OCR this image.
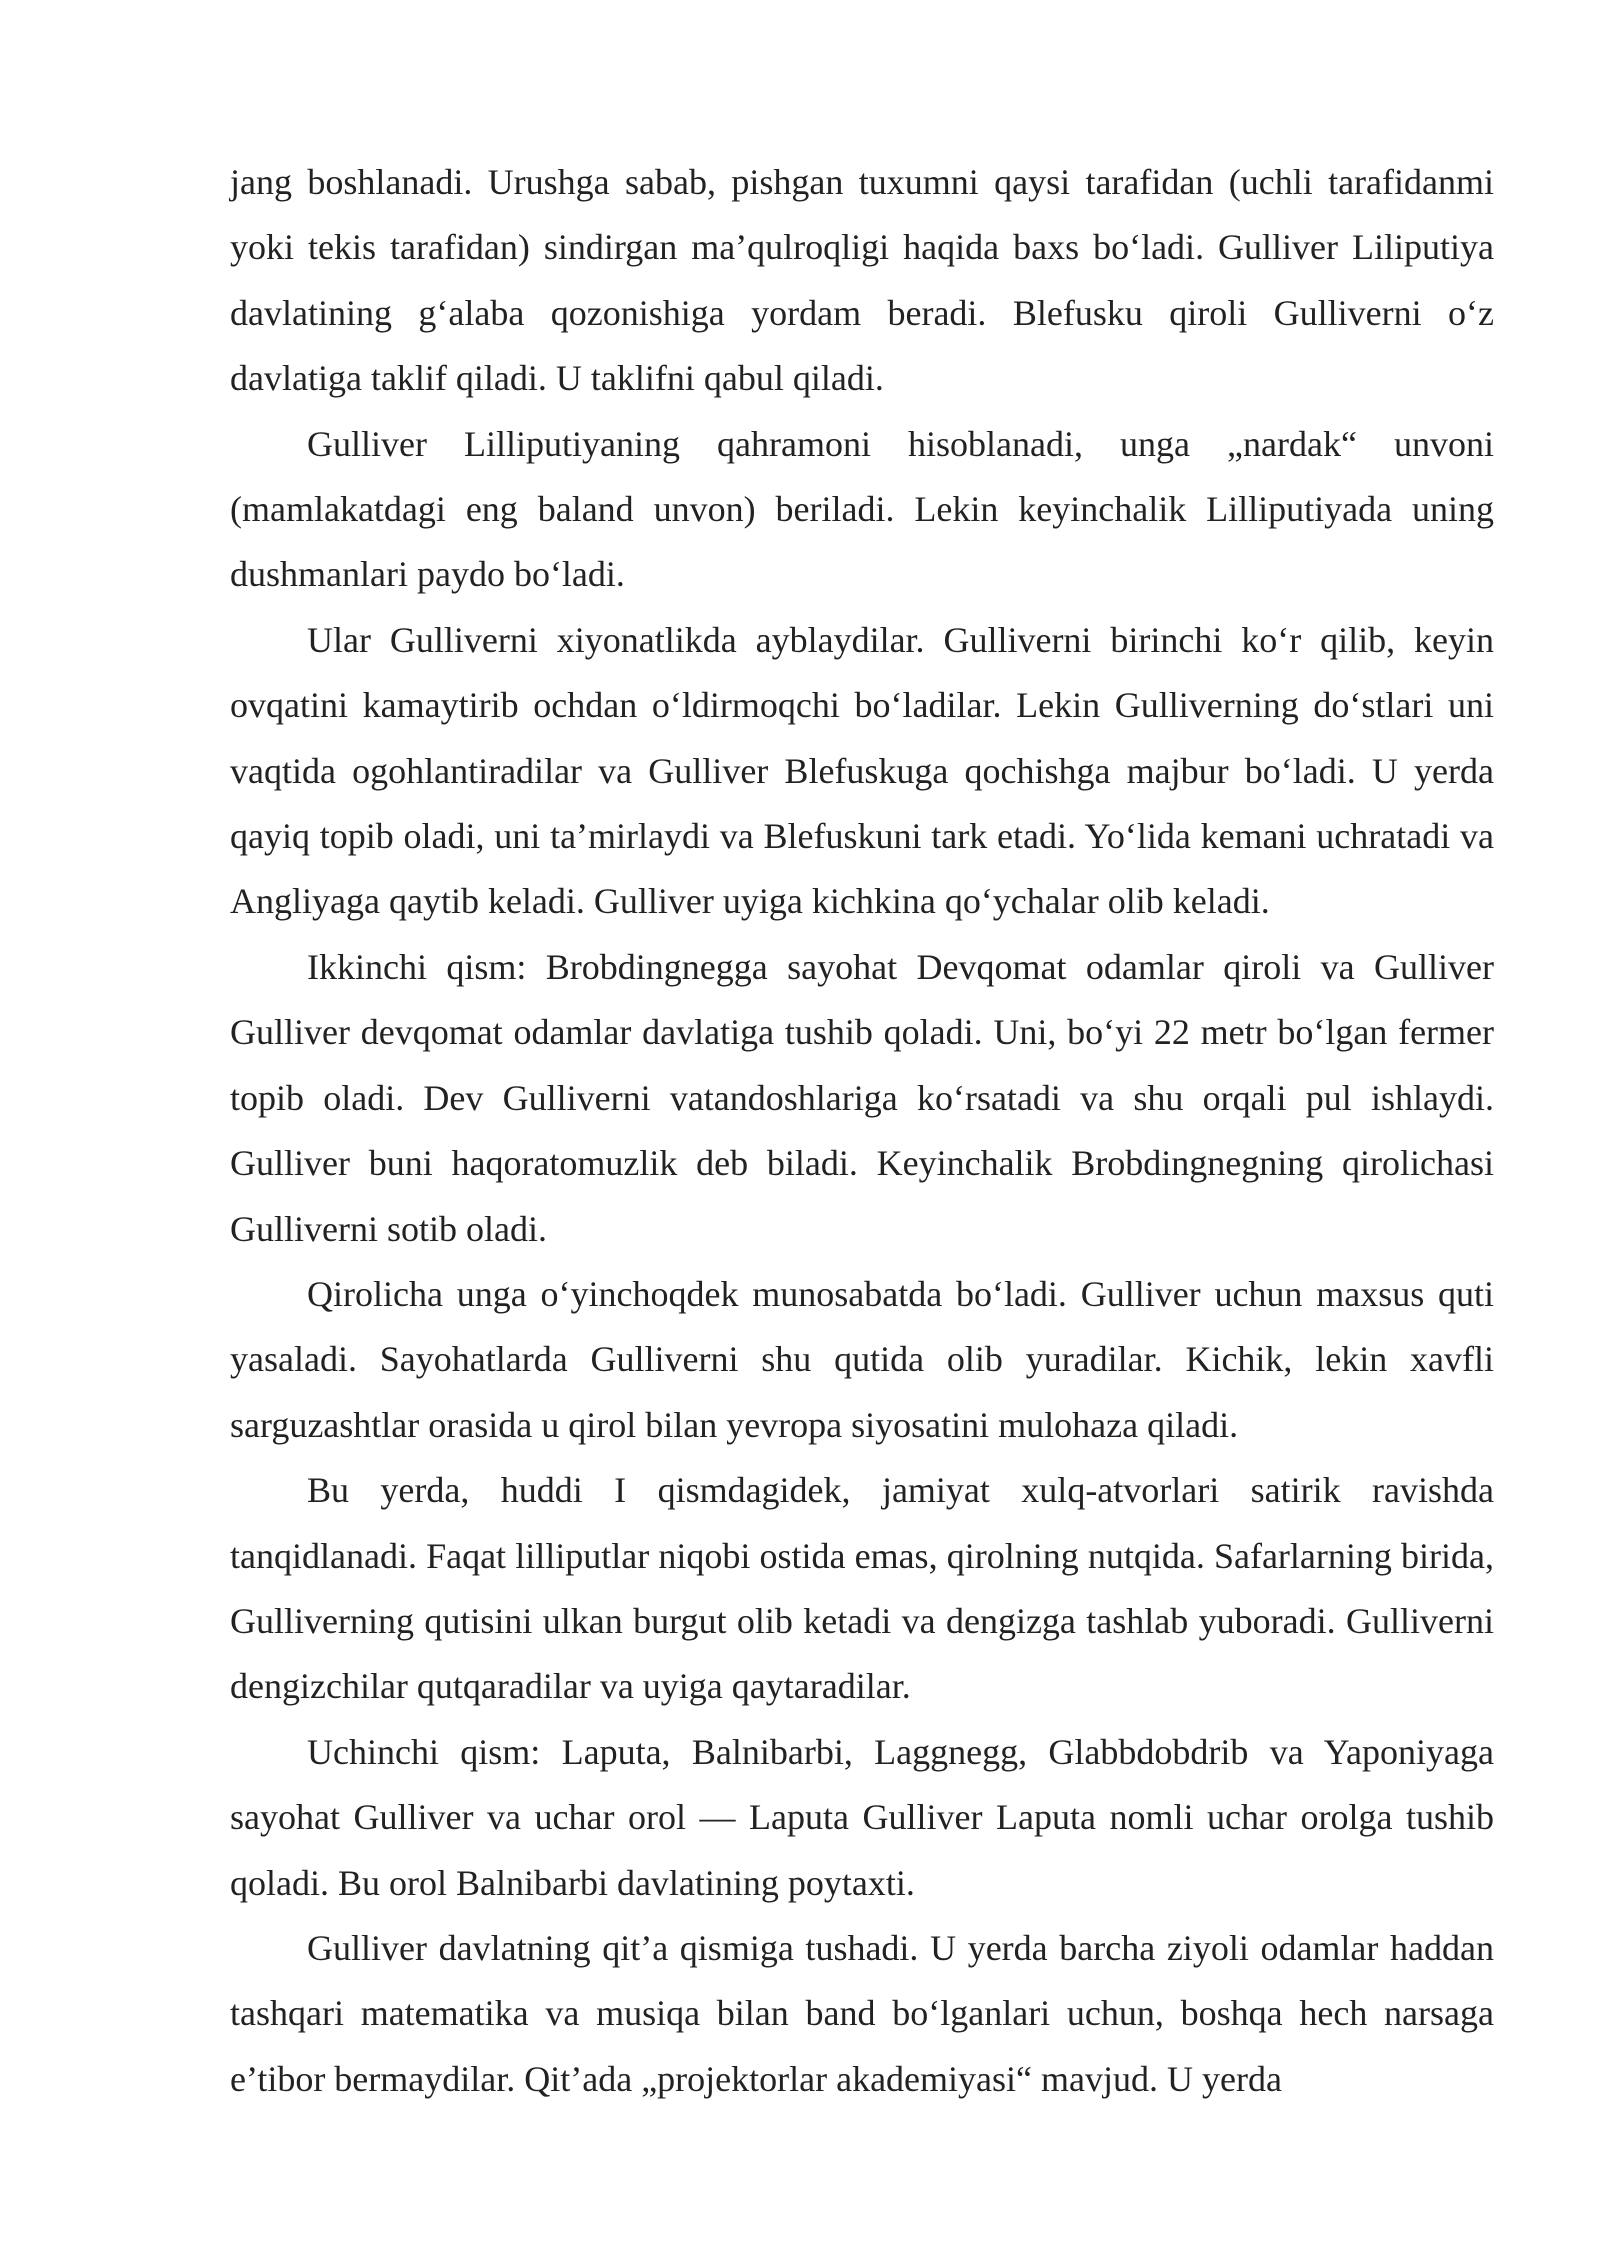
jang boshlanadi. Urushga sabab, pishgan tuxumni qaysi tarafidan (uchli tarafidanmi yoki tekis tarafidan) sindirgan ma’qulroqligi haqida baxs bo‘ladi. Gulliver Liliputiya davlatining g‘alaba qozonishiga yordam beradi. Blefusku qiroli Gulliverni o‘z davlatiga taklif qiladi. U taklifni qabul qiladi.

Gulliver Lilliputiyaning qahramoni hisoblanadi, unga „nardak“ unvoni (mamlakatdagi eng baland unvon) beriladi. Lekin keyinchalik Lilliputiyada uning dushmanlari paydo bo‘ladi.

Ular Gulliverni xiyonatlikda ayblaydilar. Gulliverni birinchi ko‘r qilib, keyin ovqatini kamaytirib ochdan o‘ldirmoqchi bo‘ladilar. Lekin Gulliverning do‘stlari uni vaqtida ogohlantiradilar va Gulliver Blefuskuga qochishga majbur bo‘ladi. U yerda qayiq topib oladi, uni ta’mirlaydi va Blefuskuni tark etadi. Yo‘lida kemani uchratadi va Angliyaga qaytib keladi. Gulliver uyiga kichkina qo‘ychalar olib keladi.

Ikkinchi qism: Brobdingnegga sayohat Devqomat odamlar qiroli va Gulliver Gulliver devqomat odamlar davlatiga tushib qoladi. Uni, bo‘yi 22 metr bo‘lgan fermer topib oladi. Dev Gulliverni vatandoshlariga ko‘rsatadi va shu orqali pul ishlaydi. Gulliver buni haqoratomuzlik deb biladi. Keyinchalik Brobdingnegning qirolichasi Gulliverni sotib oladi.

Qirolicha unga o‘yinchoqdek munosabatda bo‘ladi. Gulliver uchun maxsus quti yasaladi. Sayohatlarda Gulliverni shu qutida olib yuradilar. Kichik, lekin xavfli sarguzashtlar orasida u qirol bilan yevropa siyosatini mulohaza qiladi.

Bu yerda, huddi I qismdagidek, jamiyat xulq-atvorlari satirik ravishda tanqidlanadi. Faqat lilliputlar niqobi ostida emas, qirolning nutqida. Safarlarning birida, Gulliverning qutisini ulkan burgut olib ketadi va dengizga tashlab yuboradi. Gulliverni dengizchilar qutqaradilar va uyiga qaytaradilar.

Uchinchi qism: Laputa, Balnibarbi, Laggnegg, Glabbdobdrib va Yaponiyaga sayohat Gulliver va uchar orol — Laputa Gulliver Laputa nomli uchar orolga tushib qoladi. Bu orol Balnibarbi davlatining poytaxti.

Gulliver davlatning qit’a qismiga tushadi. U yerda barcha ziyoli odamlar haddan tashqari matematika va musiqa bilan band bo‘lganlari uchun, boshqa hech narsaga e’tibor bermaydilar. Qit’ada „projektorlar akademiyasi“ mavjud. U yerda
